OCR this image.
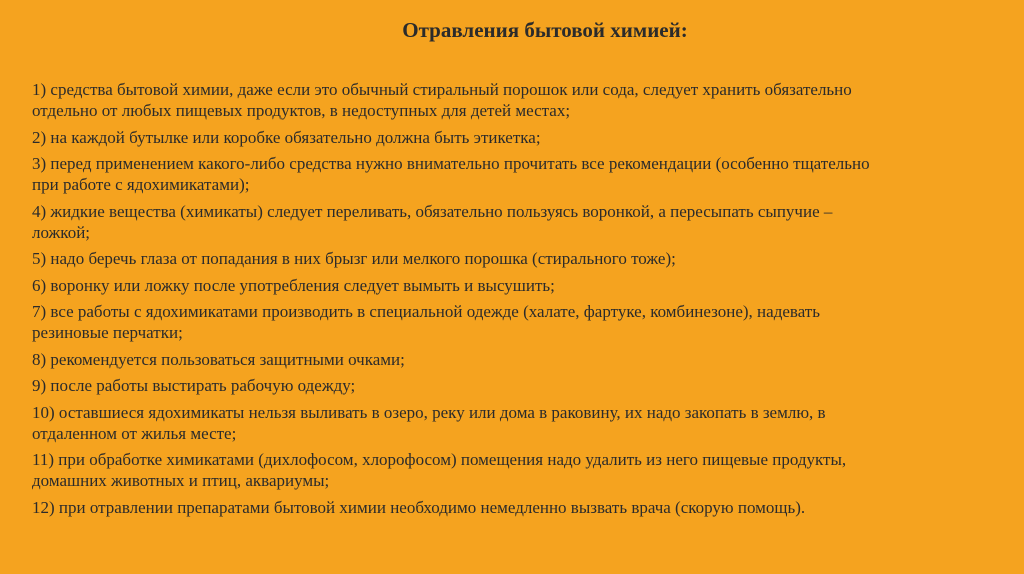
Отравления бытовой химией:
1) средства бытовой химии, даже если это обычный стиральный порошок или сода, следует хранить обязательно
отдельно от любых пищевых продуктов, в недоступных для детей местах;
2) на каждой бутылке или коробке обязательно должна быть этикетка;
3) перед применением какого-либо средства нужно внимательно прочитать все рекомендации (особенно тщательно
при работе с ядохимикатами);
4) жидкие вещества (химикаты) следует переливать, обязательно пользуясь воронкой, а пересыпать сыпучие –
ложкой;
5) надо беречь глаза от попадания в них брызг или мелкого порошка (стирального тоже);
6) воронку или ложку после употребления следует вымыть и высушить;
7) все работы с ядохимикатами производить в специальной одежде (халате, фартуке, комбинезоне), надевать
резиновые перчатки;
8) рекомендуется пользоваться защитными очками;
9) после работы выстирать рабочую одежду;
10) оставшиеся ядохимикаты нельзя выливать в озеро, реку или дома в раковину, их надо закопать в землю, в
отдаленном от жилья месте;
11) при обработке химикатами (дихлофосом, хлорофосом) помещения надо удалить из него пищевые продукты,
домашних животных и птиц, аквариумы;
12) при отравлении препаратами бытовой химии необходимо немедленно вызвать врача (скорую помощь).
